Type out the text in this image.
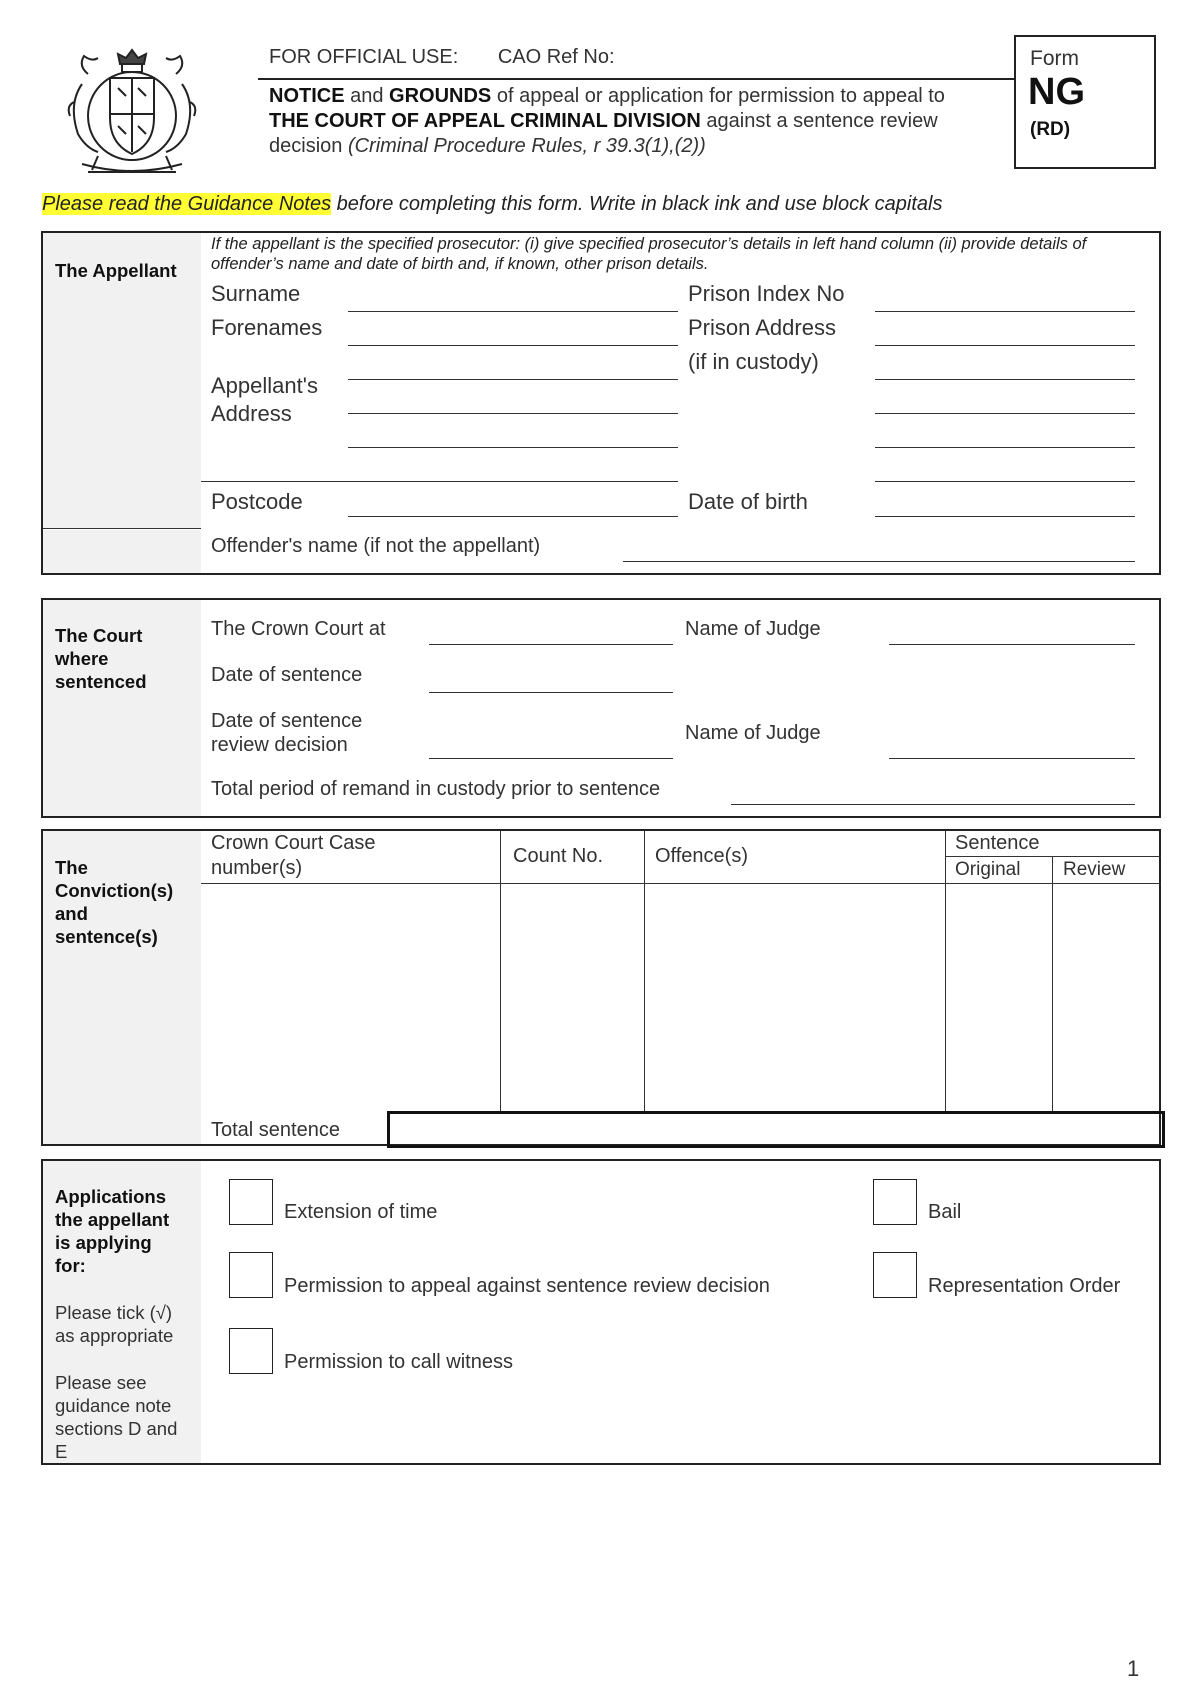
FOR OFFICIAL USE: CAO Ref No:
NOTICE and GROUNDS of appeal or application for permission to appeal to THE COURT OF APPEAL CRIMINAL DIVISION against a sentence review decision (Criminal Procedure Rules, r 39.3(1),(2))
Form
NG
(RD)
Please read the Guidance Notes before completing this form. Write in black ink and use block capitals
The Appellant
If the appellant is the specified prosecutor: (i) give specified prosecutor’s details in left hand column (ii) provide details of offender’s name and date of birth and, if known, other prison details.
Surname
Forenames
Appellant's
Address
Postcode
Prison Index No
Prison Address
(if in custody)
Date of birth
Offender's name (if not the appellant)
The Court
where
sentenced
The Crown Court at
Date of sentence
Date of sentence
review decision
Total period of remand in custody prior to sentence
Name of Judge
Name of Judge
The
Conviction(s)
and
sentence(s)
Crown Court Case
number(s)
Count No.	Offence(s)
Sentence
Original Review
Total sentence
Applications
the appellant
is applying
for:
Please tick (√)
as appropriate
Please see
guidance note
sections D and
E
Extension of time
Permission to appeal against sentence review decision
Permission to call witness
Bail
Representation Order
1
